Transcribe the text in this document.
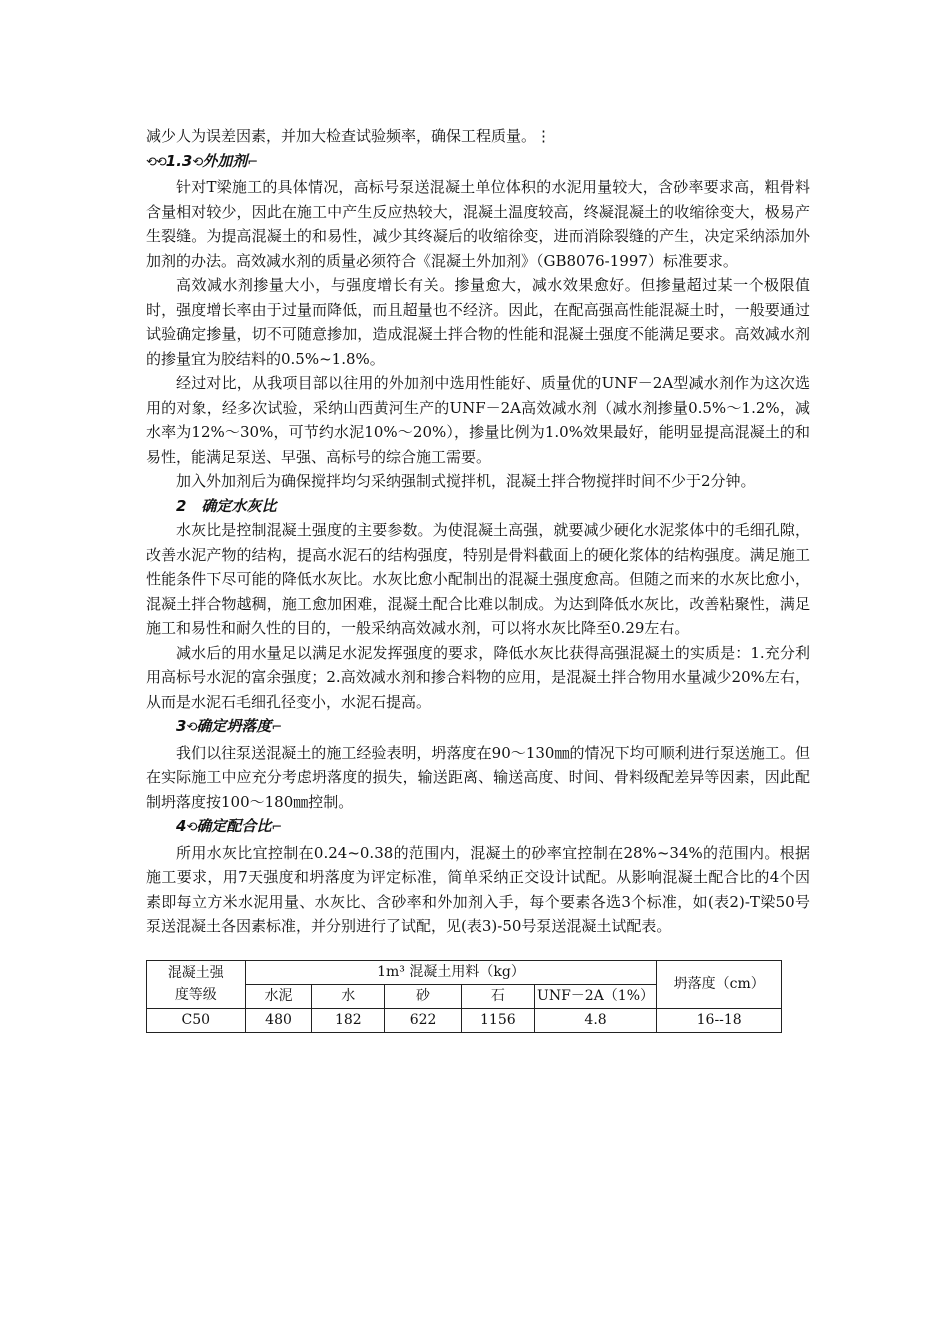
减少人为误差因素，并加大检查试验频率，确保工程质量。⋮

⟲⟲1.3⟲外加剂⌐

针对T梁施工的具体情况，高标号泵送混凝土单位体积的水泥用量较大，含砂率要求高，粗骨料含量相对较少，因此在施工中产生反应热较大，混凝土温度较高，终凝混凝土的收缩徐变大，极易产生裂缝。为提高混凝土的和易性，减少其终凝后的收缩徐变，进而消除裂缝的产生，决定采纳添加外加剂的办法。高效减水剂的质量必须符合《混凝土外加剂》（GB8076-1997）标准要求。

高效减水剂掺量大小，与强度增长有关。掺量愈大，减水效果愈好。但掺量超过某一个极限值时，强度增长率由于过量而降低，而且超量也不经济。因此，在配高强高性能混凝土时，一般要通过试验确定掺量，切不可随意掺加，造成混凝土拌合物的性能和混凝土强度不能满足要求。高效减水剂的掺量宜为胶结料的0.5%~1.8%。

经过对比，从我项目部以往用的外加剂中选用性能好、质量优的UNF－2A型减水剂作为这次选用的对象，经多次试验，采纳山西黄河生产的UNF－2A高效减水剂（减水剂掺量0.5%～1.2%，减水率为12%～30%，可节约水泥10%～20%），掺量比例为1.0%效果最好，能明显提高混凝土的和易性，能满足泵送、早强、高标号的综合施工需要。

加入外加剂后为确保搅拌均匀采纳强制式搅拌机，混凝土拌合物搅拌时间不少于2分钟。

2　确定水灰比

水灰比是控制混凝土强度的主要参数。为使混凝土高强，就要减少硬化水泥浆体中的毛细孔隙，改善水泥产物的结构，提高水泥石的结构强度，特别是骨料截面上的硬化浆体的结构强度。满足施工性能条件下尽可能的降低水灰比。水灰比愈小配制出的混凝土强度愈高。但随之而来的水灰比愈小，混凝土拌合物越稠，施工愈加困难，混凝土配合比难以制成。为达到降低水灰比，改善粘聚性，满足施工和易性和耐久性的目的，一般采纳高效减水剂，可以将水灰比降至0.29左右。

减水后的用水量足以满足水泥发挥强度的要求，降低水灰比获得高强混凝土的实质是：1.充分利用高标号水泥的富余强度；2.高效减水剂和掺合料物的应用，是混凝土拌合物用水量减少20%左右，从而是水泥石毛细孔径变小，水泥石提高。

3⟲确定坍落度⌐

我们以往泵送混凝土的施工经验表明，坍落度在90～130㎜的情况下均可顺利进行泵送施工。但在实际施工中应充分考虑坍落度的损失，输送距离、输送高度、时间、骨料级配差异等因素，因此配制坍落度按100～180㎜控制。

4⟲确定配合比⌐

所用水灰比宜控制在0.24~0.38的范围内，混凝土的砂率宜控制在28%~34%的范围内。根据施工要求，用7天强度和坍落度为评定标准，简单采纳正交设计试配。从影响混凝土配合比的4个因素即每立方米水泥用量、水灰比、含砂率和外加剂入手，每个要素各选3个标准，如(表2)-T梁50号泵送混凝土各因素标准，并分别进行了试配，见(表3)-50号泵送混凝土试配表。

混凝土强
度等级	1m³ 混凝土用料（kg）					坍落度（cm）
	水泥	水	砂	石	UNF－2A（1%）	
C50	480	182	622	1156	4.8	16--18
